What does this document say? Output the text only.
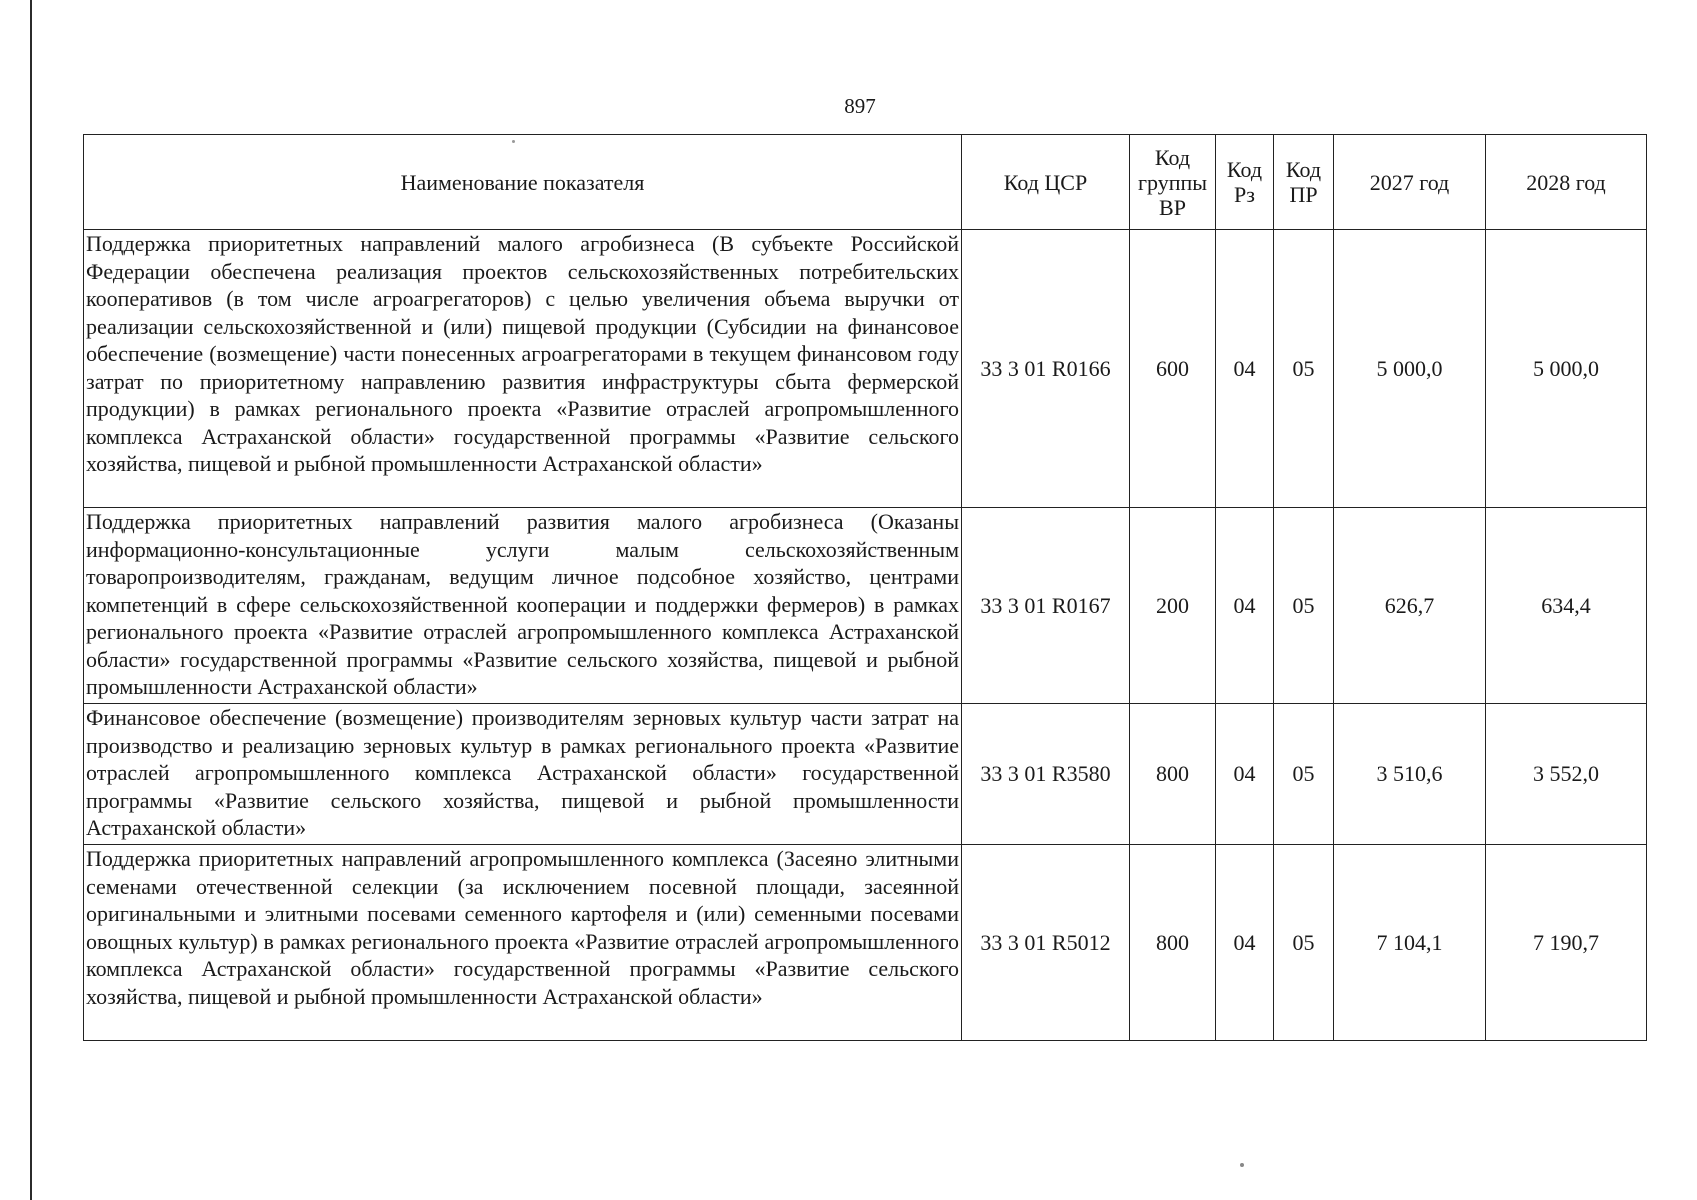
897
Наименование показателя	Код ЦСР	Код группы ВР	Код Рз	Код ПР	2027 год	2028 год
Поддержка приоритетных направлений малого агробизнеса (В субъекте Российской Федерации обеспечена реализация проектов сельскохозяйственных потребительских кооперативов (в том числе агроагрегаторов) с целью увеличения объема выручки от реализации сельскохозяйственной и (или) пищевой продукции (Субсидии на финансовое обеспечение (возмещение) части понесенных агроагрегаторами в текущем финансовом году затрат по приоритетному направлению развития инфраструктуры сбыта фермерской продукции) в рамках регионального проекта «Развитие отраслей агропромышленного комплекса Астраханской области» государственной программы «Развитие сельского хозяйства, пищевой и рыбной промышленности Астраханской области»	33 3 01 R0166	600	04	05	5 000,0	5 000,0
Поддержка приоритетных направлений развития малого агробизнеса (Оказаны информационно-консультационные услуги малым сельскохозяйственным товаропроизводителям, гражданам, ведущим личное подсобное хозяйство, центрами компетенций в сфере сельскохозяйственной кооперации и поддержки фермеров) в рамках регионального проекта «Развитие отраслей агропромышленного комплекса Астраханской области» государственной программы «Развитие сельского хозяйства, пищевой и рыбной промышленности Астраханской области»	33 3 01 R0167	200	04	05	626,7	634,4
Финансовое обеспечение (возмещение) производителям зерновых культур части затрат на производство и реализацию зерновых культур в рамках регионального проекта «Развитие отраслей агропромышленного комплекса Астраханской области» государственной программы «Развитие сельского хозяйства, пищевой и рыбной промышленности Астраханской области»	33 3 01 R3580	800	04	05	3 510,6	3 552,0
Поддержка приоритетных направлений агропромышленного комплекса (Засеяно элитными семенами отечественной селекции (за исключением посевной площади, засеянной оригинальными и элитными посевами семенного картофеля и (или) семенными посевами овощных культур) в рамках регионального проекта «Развитие отраслей агропромышленного комплекса Астраханской области» государственной программы «Развитие сельского хозяйства, пищевой и рыбной промышленности Астраханской области»	33 3 01 R5012	800	04	05	7 104,1	7 190,7
